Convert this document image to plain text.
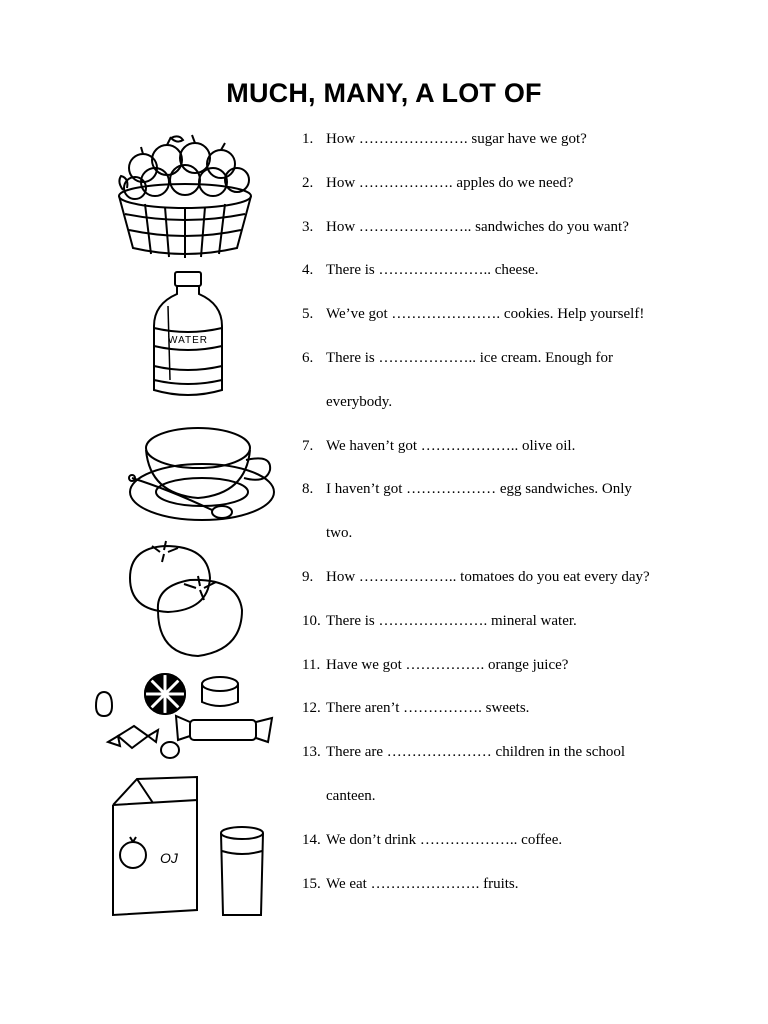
MUCH, MANY, A LOT OF
WATER
OJ
1. How …………………. sugar have we got?
2. How ………………. apples do we need?
3. How ………………….. sandwiches do you want?
4. There is ………………….. cheese.
5. We’ve got …………………. cookies. Help yourself!
6. There is ……………….. ice cream. Enough for
everybody.
7. We haven’t got ……………….. olive oil.
8. I haven’t got ……………… egg sandwiches. Only
two.
9. How ……………….. tomatoes do you eat every day?
10. There is …………………. mineral water.
11. Have we got ……………. orange juice?
12. There aren’t ……………. sweets.
13. There are ………………… children in the school
canteen.
14. We don’t drink ……………….. coffee.
15. We eat …………………. fruits.
